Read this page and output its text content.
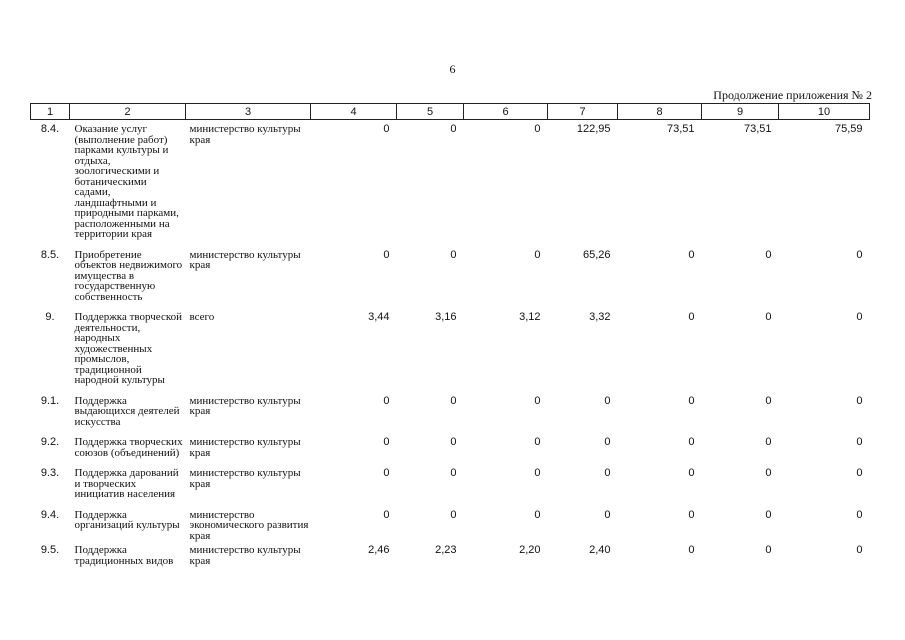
6
Продолжение приложения № 2
1	2	3	4	5	6	7	8	9	10
8.4.	Оказание услуг (выполнение работ) парками культуры и отдыха, зоологическими и ботаническими садами, ландшафтными и природными парками, расположенными на территории края	министерство культуры края	0	0	0	122,95	73,51	73,51	75,59
8.5.	Приобретение объектов недвижимого имущества в государственную собственность	министерство культуры края	0	0	0	65,26	0	0	0
9.	Поддержка творческой деятельности, народных художественных промыслов, традиционной народной культуры	всего	3,44	3,16	3,12	3,32	0	0	0
9.1.	Поддержка выдающихся деятелей искусства	министерство культуры края	0	0	0	0	0	0	0
9.2.	Поддержка творческих союзов (объединений)	министерство культуры края	0	0	0	0	0	0	0
9.3.	Поддержка дарований и творческих инициатив населения	министерство культуры края	0	0	0	0	0	0	0
9.4.	Поддержка организаций культуры	министерство экономического развития края	0	0	0	0	0	0	0
9.5.	Поддержка традиционных видов	министерство культуры края	2,46	2,23	2,20	2,40	0	0	0
